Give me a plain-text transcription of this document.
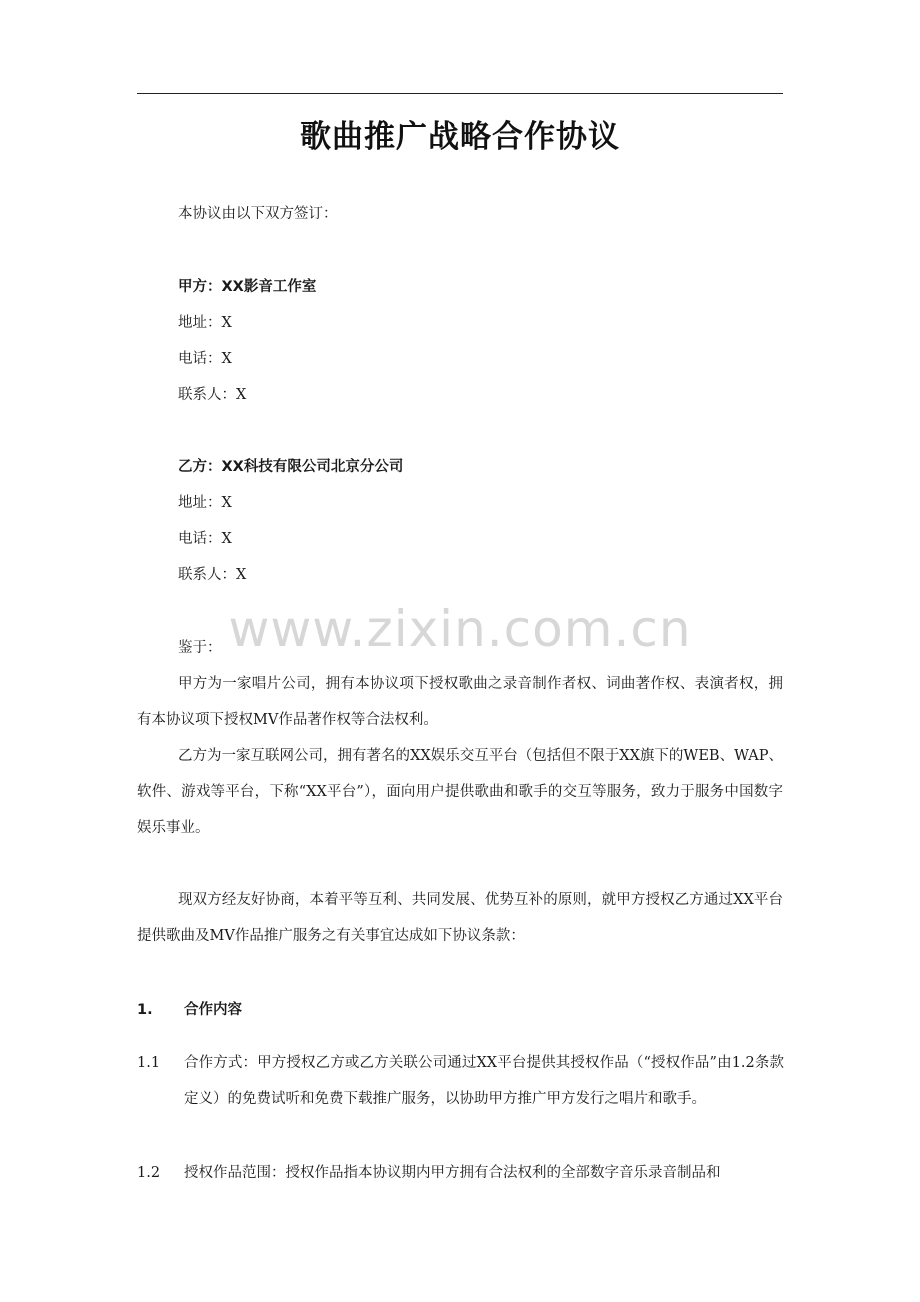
歌曲推广战略合作协议
本协议由以下双方签订：
甲方：XX影音工作室
地址：X
电话：X
联系人：X
乙方：XX科技有限公司北京分公司
地址：X
电话：X
联系人：X
鉴于：
甲方为一家唱片公司，拥有本协议项下授权歌曲之录音制作者权、词曲著作权、表演者权，拥有本协议项下授权MV作品著作权等合法权利。
乙方为一家互联网公司，拥有著名的XX娱乐交互平台（包括但不限于XX旗下的WEB、WAP、软件、游戏等平台，下称“XX平台”），面向用户提供歌曲和歌手的交互等服务，致力于服务中国数字娱乐事业。
现双方经友好协商，本着平等互利、共同发展、优势互补的原则，就甲方授权乙方通过XX平台提供歌曲及MV作品推广服务之有关事宜达成如下协议条款：
1. 合作内容
1.1 合作方式：甲方授权乙方或乙方关联公司通过XX平台提供其授权作品（“授权作品”由1.2条款定义）的免费试听和免费下载推广服务，以协助甲方推广甲方发行之唱片和歌手。
1.2 授权作品范围：授权作品指本协议期内甲方拥有合法权利的全部数字音乐录音制品和
www.zixin.com.cn
